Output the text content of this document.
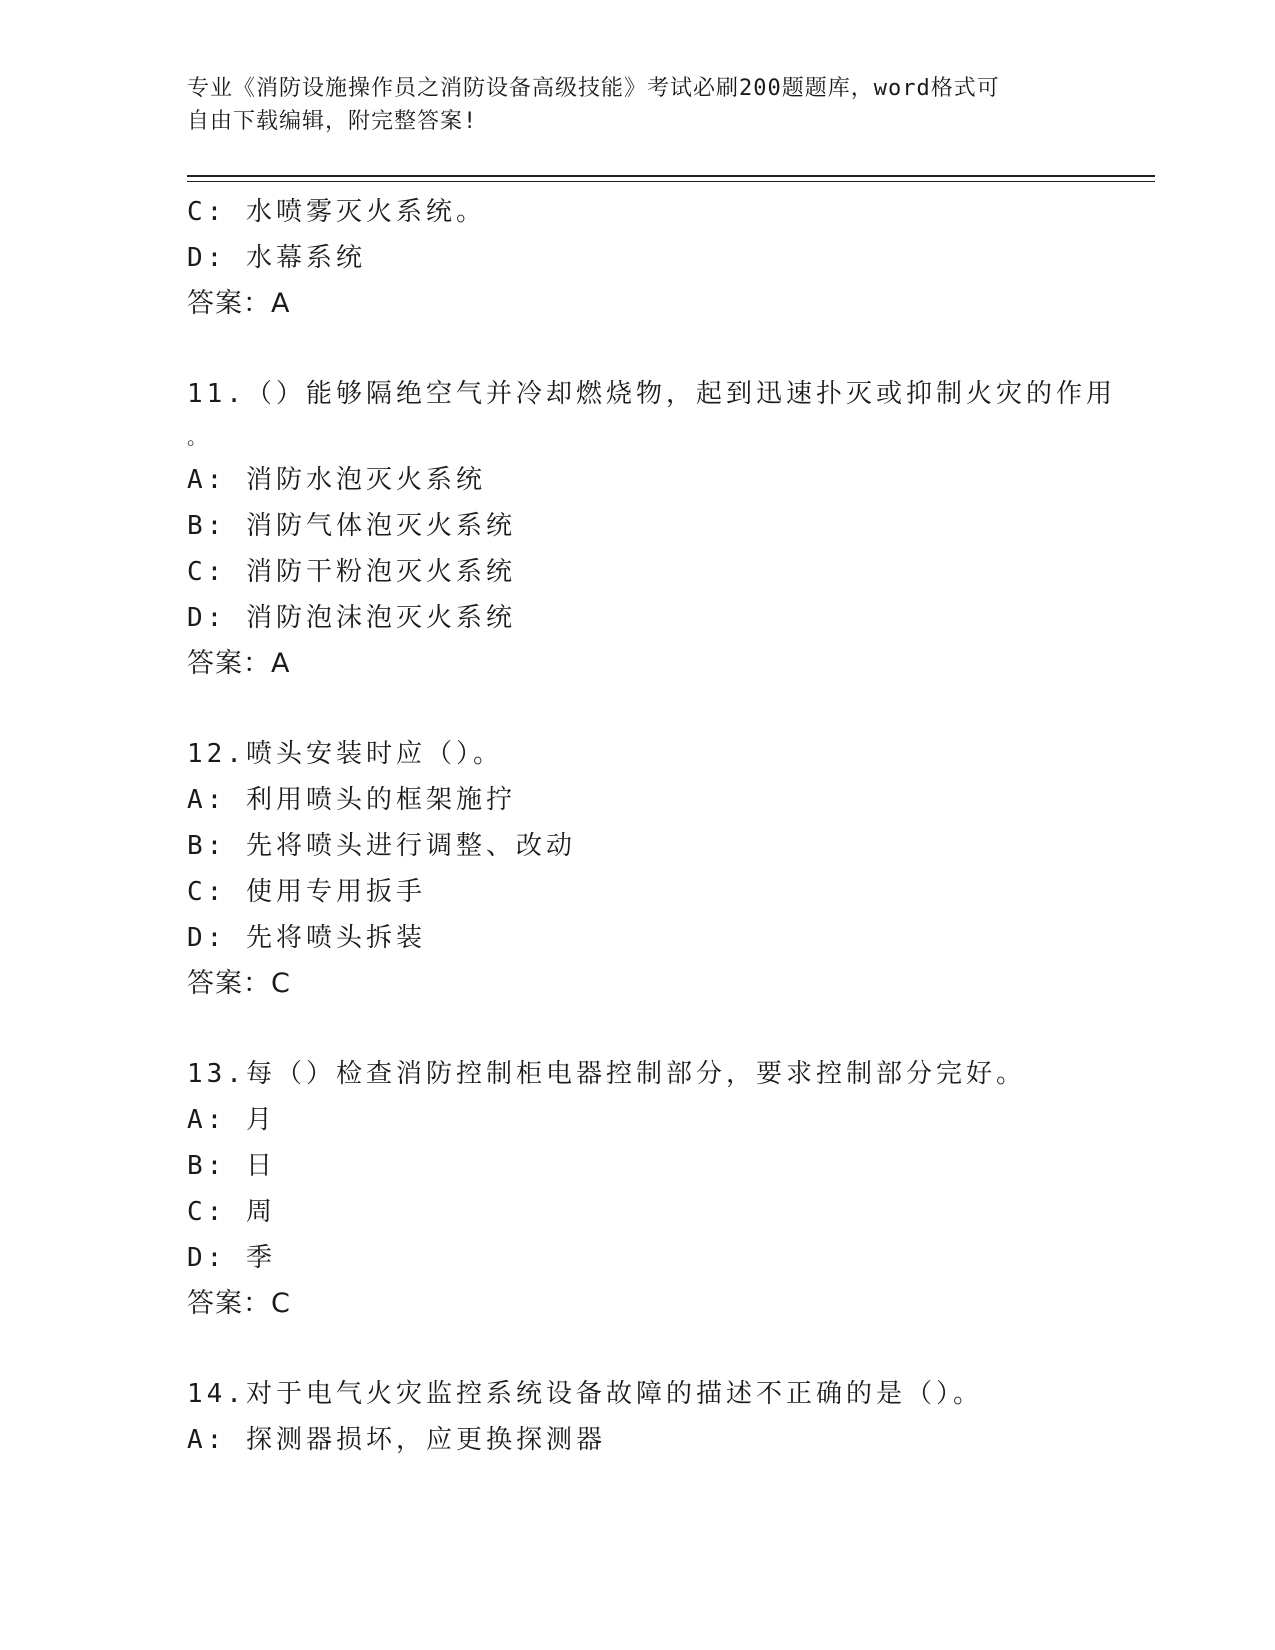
专业《消防设施操作员之消防设备高级技能》考试必刷200题题库，word格式可
自由下载编辑，附完整答案!
C: 水喷雾灭火系统。
D: 水幕系统
答案：A
11.（）能够隔绝空气并冷却燃烧物，起到迅速扑灭或抑制火灾的作用
。
A: 消防水泡灭火系统
B: 消防气体泡灭火系统
C: 消防干粉泡灭火系统
D: 消防泡沫泡灭火系统
答案：A
12.喷头安装时应（）。
A: 利用喷头的框架施拧
B: 先将喷头进行调整、改动
C: 使用专用扳手
D: 先将喷头拆装
答案：C
13.每（）检查消防控制柜电器控制部分，要求控制部分完好。
A: 月
B: 日
C: 周
D: 季
答案：C
14.对于电气火灾监控系统设备故障的描述不正确的是（）。
A: 探测器损坏，应更换探测器
